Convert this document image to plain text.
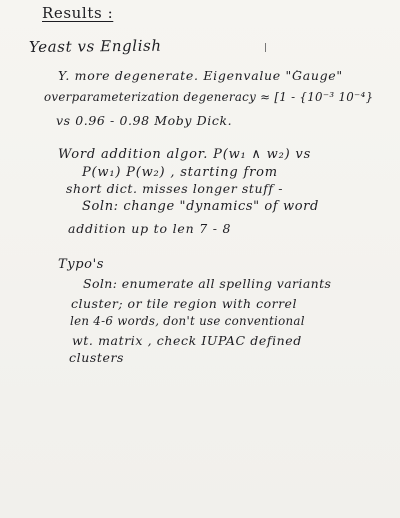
Results :
Yeast vs English
Y. more degenerate. Eigenvalue "Gauge"
overparameterization degeneracy ≈ [1 - {10⁻³ 10⁻⁴}
vs 0.96 - 0.98 Moby Dick.
Word addition algor. P(w₁ ∧ w₂) vs
P(w₁) P(w₂) , starting from
short dict. misses longer stuff -
Soln: change "dynamics" of word
addition up to len 7 - 8
Typo's
Soln: enumerate all spelling variants
cluster; or tile region with correl
len 4-6 words, don't use conventional
wt. matrix , check IUPAC defined
clusters
